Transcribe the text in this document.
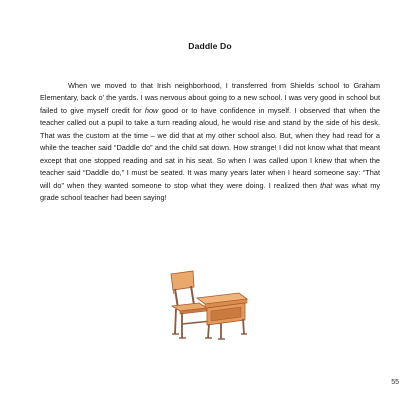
Daddle Do

When we moved to that Irish neighborhood, I transferred from Shields school to Graham Elementary, back o’ the yards. I was nervous about going to a new school. I was very good in school but failed to give myself credit for how good or to have confidence in myself. I observed that when the teacher called out a pupil to take a turn reading aloud, he would rise and stand by the side of his desk. That was the custom at the time – we did that at my other school also. But, when they had read for a while the teacher said “Daddle do” and the child sat down. How strange! I did not know what that meant except that one stopped reading and sat in his seat. So when I was called upon I knew that when the teacher said “Daddle do,” I must be seated. It was many years later when I heard someone say: “That will do” when they wanted someone to stop what they were doing. I realized then that was what my grade school teacher had been saying!

55
